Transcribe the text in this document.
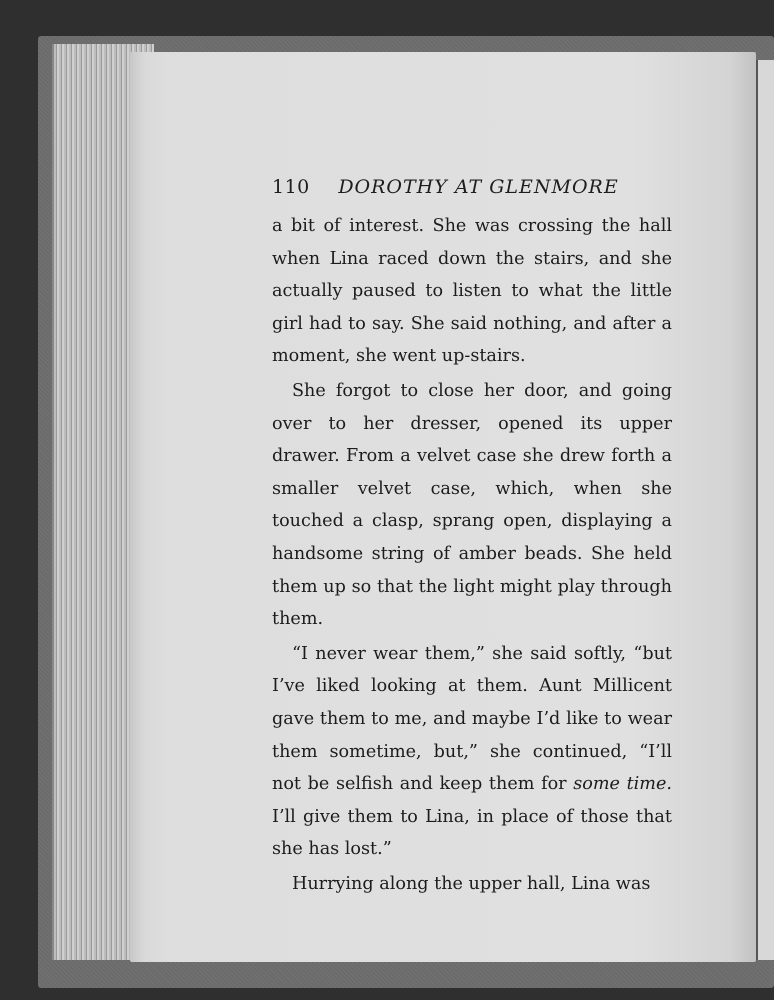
110 DOROTHY AT GLENMORE

a bit of interest. She was crossing the hall when Lina raced down the stairs, and she actually paused to listen to what the little girl had to say. She said nothing, and after a moment, she went up-stairs.

She forgot to close her door, and going over to her dresser, opened its upper drawer. From a velvet case she drew forth a smaller velvet case, which, when she touched a clasp, sprang open, displaying a handsome string of amber beads. She held them up so that the light might play through them.

“I never wear them,” she said softly, “but I’ve liked looking at them. Aunt Millicent gave them to me, and maybe I’d like to wear them sometime, but,” she continued, “I’ll not be selfish and keep them for some time. I’ll give them to Lina, in place of those that she has lost.”

Hurrying along the upper hall, Lina was
